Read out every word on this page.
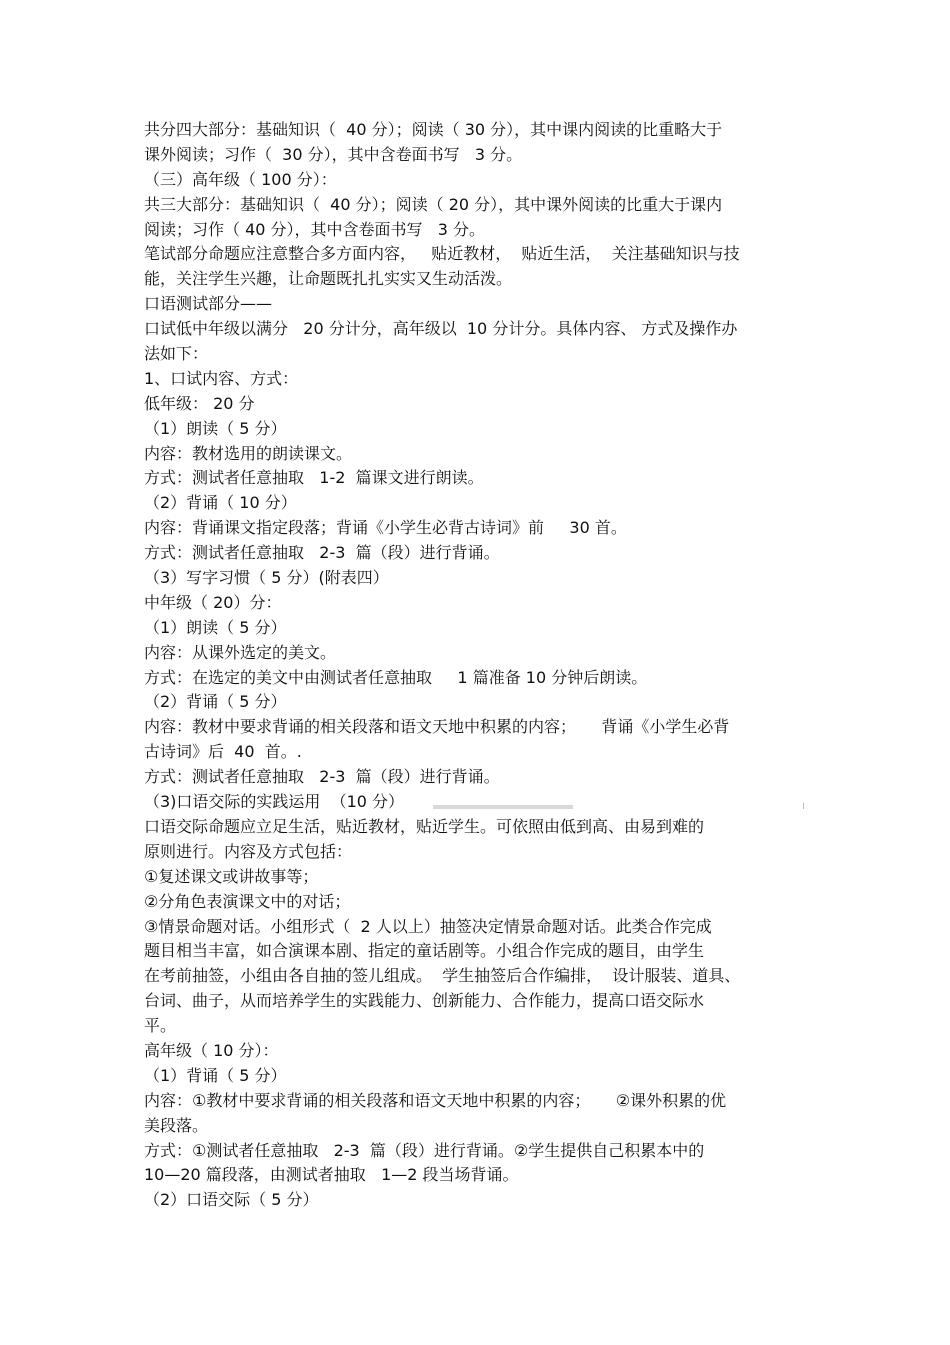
共分四大部分：基础知识（  40 分）；阅读（ 30 分），其中课内阅读的比重略大于
课外阅读；习作（  30 分），其中含卷面书写   3 分。
（三）高年级（ 100 分）：
共三大部分：基础知识（  40 分）；阅读（ 20 分），其中课外阅读的比重大于课内
阅读；习作（ 40 分），其中含卷面书写   3 分。
笔试部分命题应注意整合多方面内容，   贴近教材，  贴近生活，  关注基础知识与技
能，关注学生兴趣，让命题既扎扎实实又生动活泼。
口语测试部分——
口试低中年级以满分   20 分计分，高年级以  10 分计分。具体内容、 方式及操作办
法如下：
1、口试内容、方式：
低年级： 20 分
（1）朗读（ 5 分）
内容：教材选用的朗读课文。
方式：测试者任意抽取   1-2  篇课文进行朗读。
（2）背诵（ 10 分）
内容：背诵课文指定段落；背诵《小学生必背古诗词》前     30 首。
方式：测试者任意抽取   2-3  篇（段）进行背诵。
（3）写字习惯（ 5 分）(附表四）
中年级（ 20）分：
（1）朗读（ 5 分）
内容：从课外选定的美文。
方式：在选定的美文中由测试者任意抽取     1 篇准备 10 分钟后朗读。
（2）背诵（ 5 分）
内容：教材中要求背诵的相关段落和语文天地中积累的内容；     背诵《小学生必背
古诗词》后  40  首。.
方式：测试者任意抽取   2-3  篇（段）进行背诵。
（3)口语交际的实践运用  （10 分）
口语交际命题应立足生活，贴近教材，贴近学生。可依照由低到高、由易到难的
原则进行。内容及方式包括：
①复述课文或讲故事等；
②分角色表演课文中的对话；
③情景命题对话。小组形式（  2 人以上）抽签决定情景命题对话。此类合作完成
题目相当丰富，如合演课本剧、指定的童话剧等。小组合作完成的题目，由学生
在考前抽签，小组由各自抽的签儿组成。  学生抽签后合作编排，  设计服装、道具、
台词、曲子，从而培养学生的实践能力、创新能力、合作能力，提高口语交际水
平。
高年级（ 10 分）：
（1）背诵（ 5 分）
内容：①教材中要求背诵的相关段落和语文天地中积累的内容；     ②课外积累的优
美段落。
方式：①测试者任意抽取   2-3  篇（段）进行背诵。②学生提供自己积累本中的
10—20 篇段落，由测试者抽取   1—2 段当场背诵。
（2）口语交际（ 5 分）
